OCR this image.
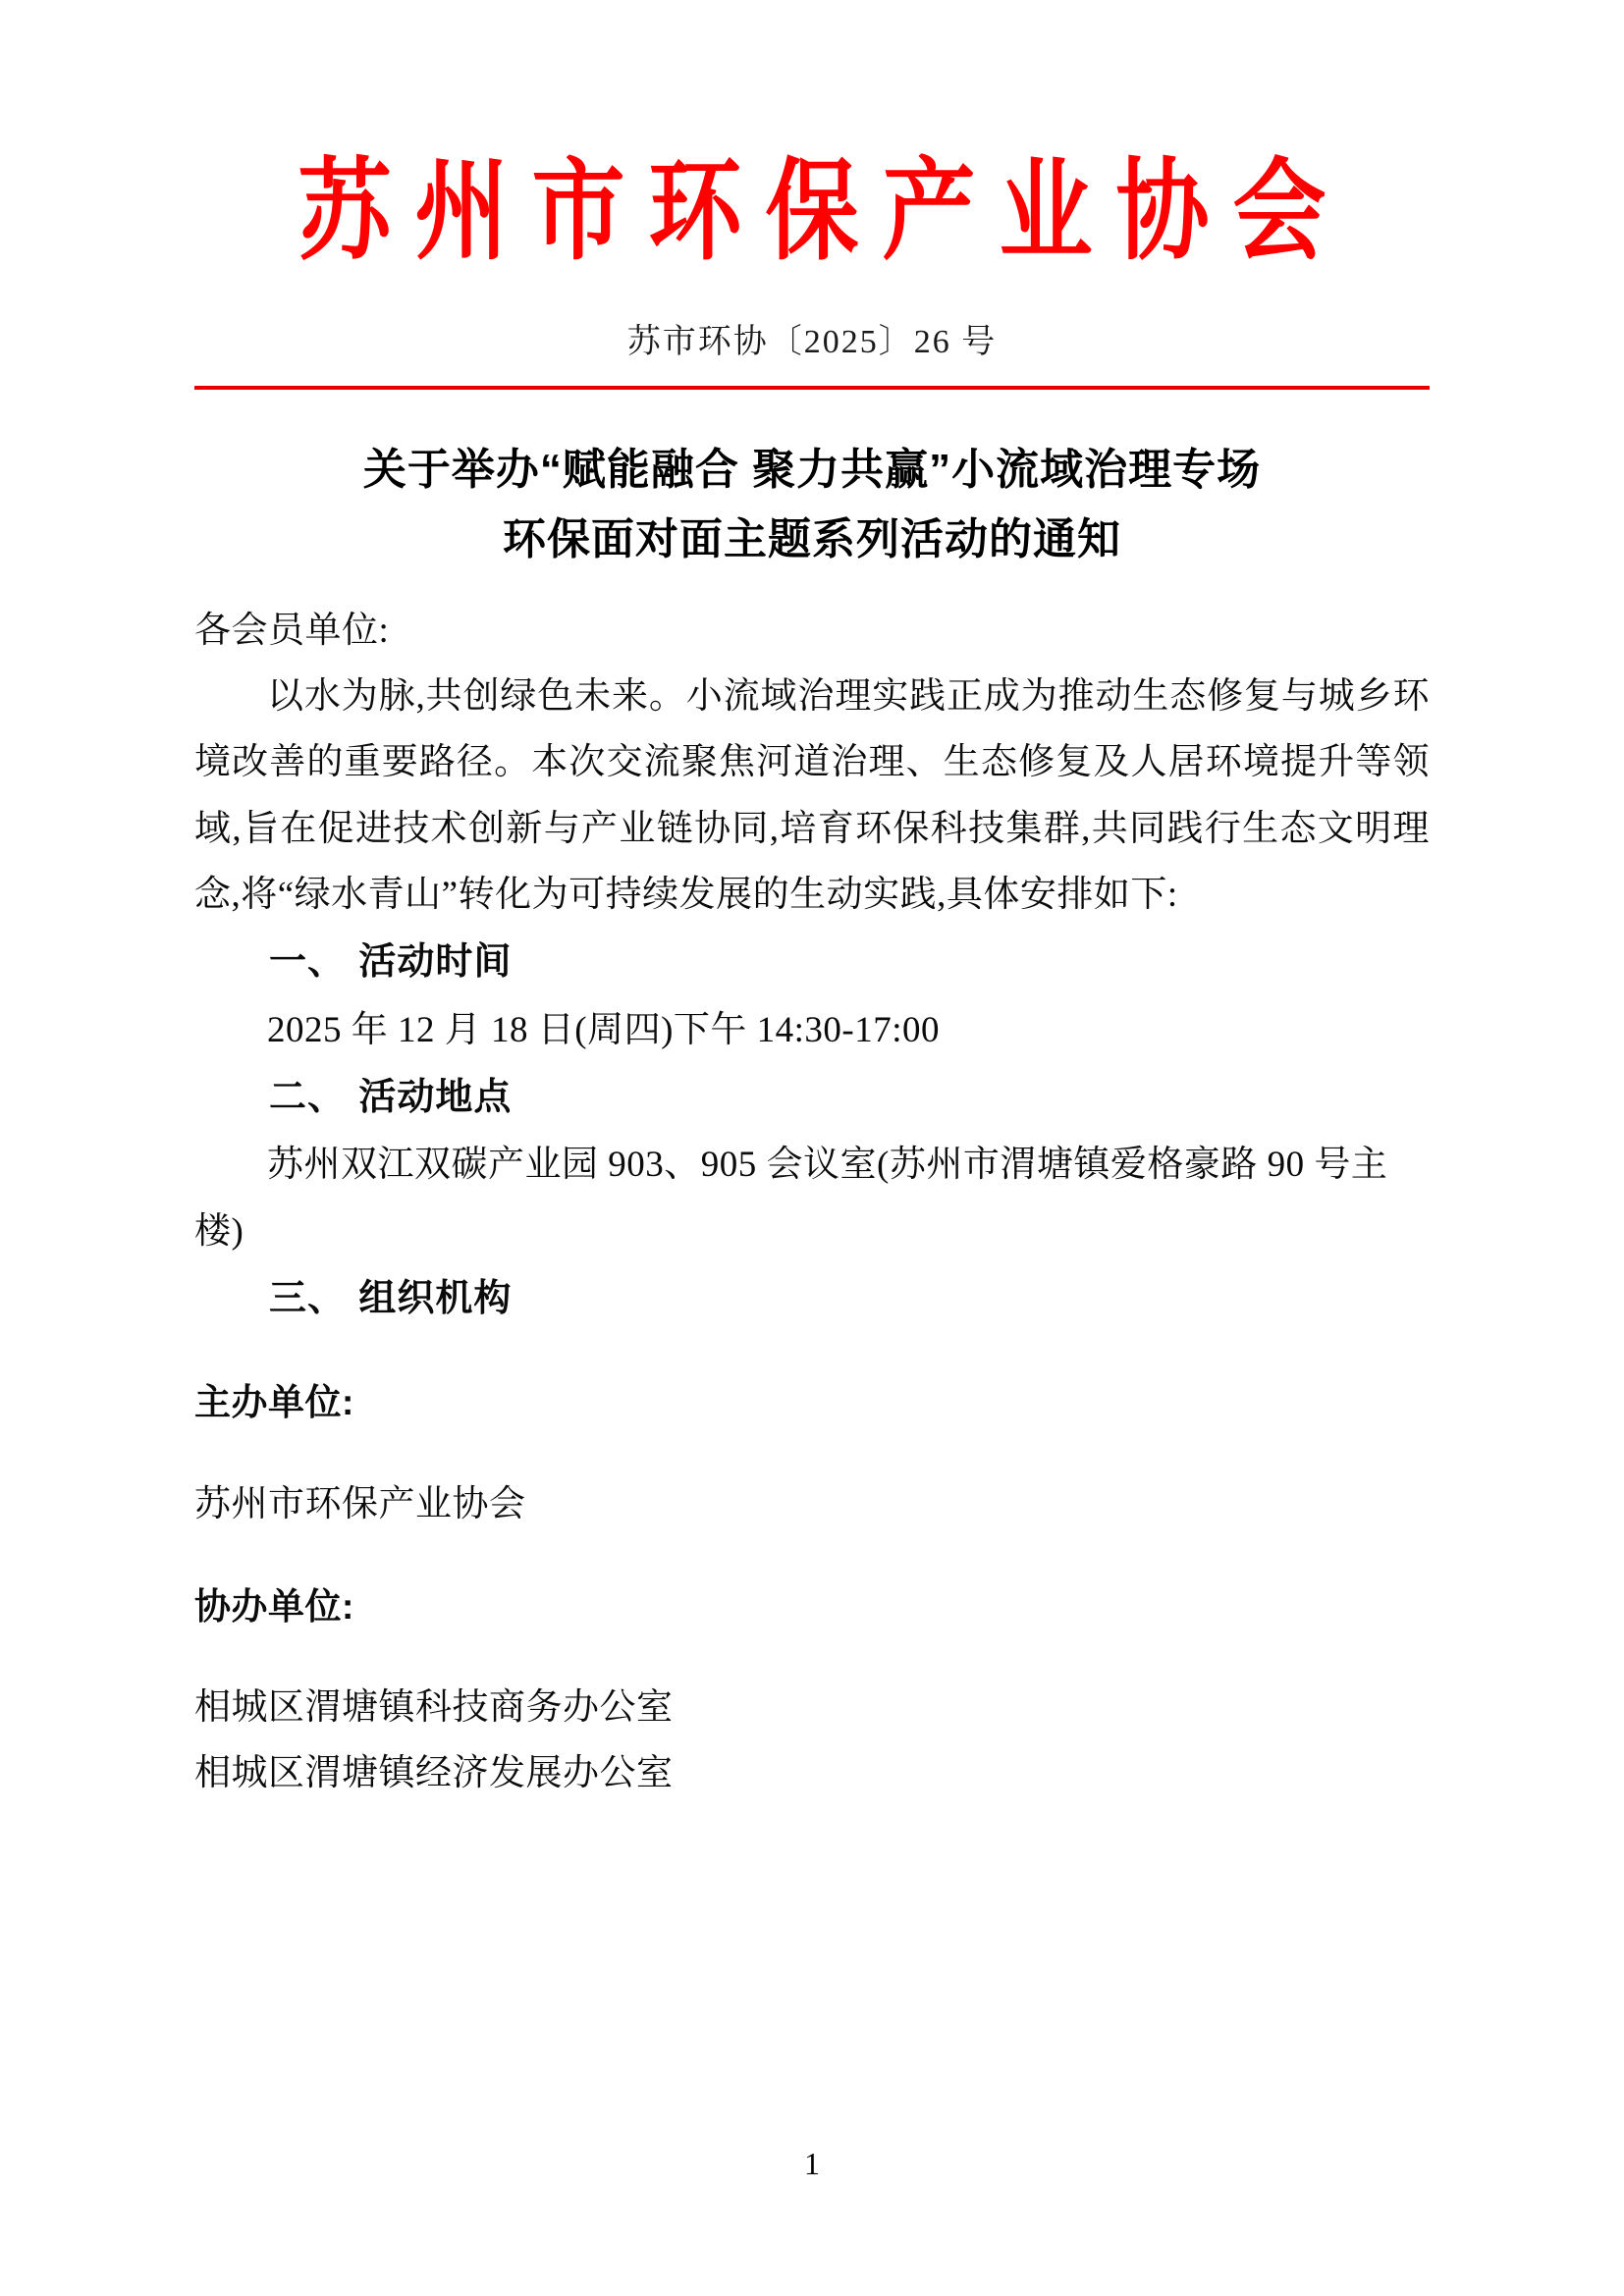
苏州市环保产业协会
苏市环协〔2025〕26 号
关于举办“赋能融合 聚力共赢”小流域治理专场
环保面对面主题系列活动的通知
各会员单位:

以水为脉,共创绿色未来。小流域治理实践正成为推动生态修复与城乡环境改善的重要路径。本次交流聚焦河道治理、生态修复及人居环境提升等领域,旨在促进技术创新与产业链协同,培育环保科技集群,共同践行生态文明理念,将“绿水青山”转化为可持续发展的生动实践,具体安排如下:

一、 活动时间

2025 年 12 月 18 日(周四)下午 14:30-17:00

二、 活动地点

苏州双江双碳产业园 903、905 会议室(苏州市渭塘镇爱格豪路 90 号主楼)

三、 组织机构

主办单位:

苏州市环保产业协会

协办单位:

相城区渭塘镇科技商务办公室

相城区渭塘镇经济发展办公室

1
